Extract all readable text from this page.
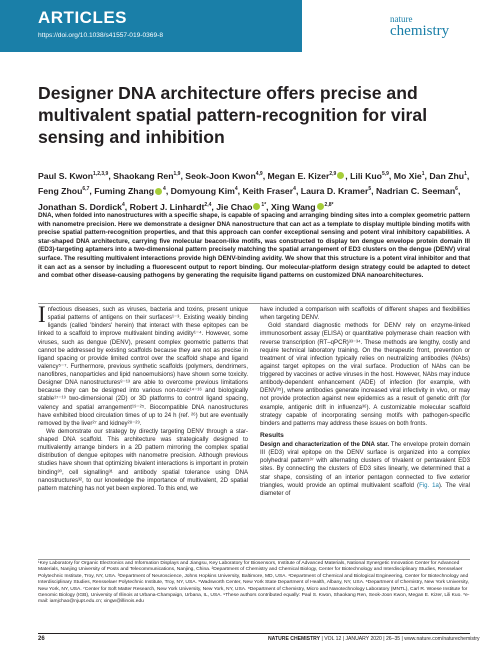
ARTICLES
https://doi.org/10.1038/s41557-019-0369-8
nature
chemistry
Designer DNA architecture offers precise and multivalent spatial pattern-recognition for viral sensing and inhibition
Paul S. Kwon$^{1,2,3,9}$, Shaokang Ren$^{1,9}$, Seok-Joon Kwon$^{4,9}$, Megan E. Kizer$^{2,9}$ , Lili Kuo$^{5,9}$, Mo Xie$^1$, Dan Zhu$^1$, Feng Zhou$^{6,7}$, Fuming Zhang $^4$, Domyoung Kim$^4$, Keith Fraser$^4$, Laura D. Kramer$^5$, Nadrian C. Seeman$^6$, Jonathan S. Dordick$^4$, Robert J. Linhardt$^{2,4}$, Jie Chao $^{1*}$, Xing Wang $^{2,8*}$
DNA, when folded into nanostructures with a specific shape, is capable of spacing and arranging binding sites into a complex geometric pattern with nanometre precision. Here we demonstrate a designer DNA nanostructure that can act as a template to display multiple binding motifs with precise spatial pattern-recognition properties, and that this approach can confer exceptional sensing and potent viral inhibitory capabilities. A star-shaped DNA architecture, carrying five molecular beacon-like motifs, was constructed to display ten dengue envelope protein domain III (ED3)-targeting aptamers into a two-dimensional pattern precisely matching the spatial arrangement of ED3 clusters on the dengue (DENV) viral surface. The resulting multivalent interactions provide high DENV-binding avidity. We show that this structure is a potent viral inhibitor and that it can act as a sensor by including a fluorescent output to report binding. Our molecular-platform design strategy could be adapted to detect and combat other disease-causing pathogens by generating the requisite ligand patterns on customized DNA nanoarchitectures.

Infectious diseases, such as viruses, bacteria and toxins, present unique spatial patterns of antigens on their surfaces¹⁻³. Existing weakly binding ligands (called 'binders' herein) that interact with these epitopes can be linked to a scaffold to improve multivalent binding avidity¹⁻⁴. However, some viruses, such as dengue (DENV), present complex geometric patterns that cannot be addressed by existing scaffolds because they are not as precise in ligand spacing or provide limited control over the scaffold shape and ligand valency⁵⁻⁷. Furthermore, previous synthetic scaffolds (polymers, dendrimers, nanofibres, nanoparticles and lipid nanoemulsions) have shown some toxicity. Designer DNA nanostructures⁸⁻¹³ are able to overcome previous limitations because they can be designed into various non-toxic¹⁴⁻¹⁶ and biologically stable¹⁷⁻¹⁹ two-dimensional (2D) or 3D platforms to control ligand spacing, valency and spatial arrangement¹⁹⁻²⁵. Biocompatible DNA nanostructures have exhibited blood circulation times of up to 24 h (ref. ²⁶) but are eventually removed by the liver²⁷ and kidney²⁸⁻²⁹.

We demonstrate our strategy by directly targeting DENV through a star-shaped DNA scaffold. This architecture was strategically designed to multivalently arrange binders in a 2D pattern mirroring the complex spatial distribution of dengue epitopes with nanometre precision. Although previous studies have shown that optimizing bivalent interactions is important in protein binding³⁰, cell signalling³¹ and antibody spatial tolerance using DNA nanostructures³², to our knowledge the importance of multivalent, 2D spatial pattern matching has not yet been explored. To this end, we

have included a comparison with scaffolds of different shapes and flexibilities when targeting DENV.

Gold standard diagnostic methods for DENV rely on enzyme-linked immunosorbent assay (ELISA) or quantitative polymerase chain reaction with reverse transcription (RT–qPCR)³³⁻³⁴. These methods are lengthy, costly and require technical laboratory training. On the therapeutic front, prevention or treatment of viral infection typically relies on neutralizing antibodies (NAbs) against target epitopes on the viral surface. Production of NAbs can be triggered by vaccines or active viruses in the host. However, NAbs may induce antibody-dependent enhancement (ADE) of infection (for example, with DENV³⁵), where antibodies generate increased viral infectivity in vivo, or may not provide protection against new epidemics as a result of genetic drift (for example, antigenic drift in influenza³⁶). A customizable molecular scaffold strategy capable of incorporating sensing motifs with pathogen-specific binders and patterns may address these issues on both fronts.

Results

Design and characterization of the DNA star. The envelope protein domain III (ED3) viral epitope on the DENV surface is organized into a complex polyhedral pattern³⁷ with alternating clusters of trivalent or pentavalent ED3 sites. By connecting the clusters of ED3 sites linearly, we determined that a star shape, consisting of an interior pentagon connected to five exterior triangles, would provide an optimal multivalent scaffold (Fig. 1a). The viral diameter of

¹Key Laboratory for Organic Electronics and Information Displays and Jiangsu, Key Laboratory for Biosensors, Institute of Advanced Materials, National Synergetic Innovation Center for Advanced Materials, Nanjing University of Posts and Telecommunications, Nanjing, China. ²Department of Chemistry and Chemical Biology, Center for Biotechnology and Interdisciplinary Studies, Rensselaer Polytechnic Institute, Troy, NY, USA. ³Department of Neuroscience, Johns Hopkins University, Baltimore, MD, USA. ⁴Department of Chemical and Biological Engineering, Center for Biotechnology and Interdisciplinary Studies, Rensselaer Polytechnic Institute, Troy, NY, USA. ⁵Wadsworth Center, New York State Department of Health, Albany, NY, USA. ⁶Department of Chemistry, New York University, New York, NY, USA. ⁷Center for Soft Matter Research, New York University, New York, NY, USA. ⁸Department of Chemistry, Micro and Nanotechnology Laboratory (MNTL), Carl R. Woese Institute for Genomic Biology (IGB), University of Illinois at Urbana-Champaign, Urbana, IL, USA. ⁹These authors contributed equally: Paul S. Kwon, Shaokang Ren, Seok-Joon Kwon, Megan E. Kizer, Lili Kuo. *e-mail: iamjchao@njupt.edu.cn; xingw@illinois.edu
26	NATURE CHEMISTRY | VOL 12 | JANUARY 2020 | 26–35 | www.nature.com/naturechemistry
